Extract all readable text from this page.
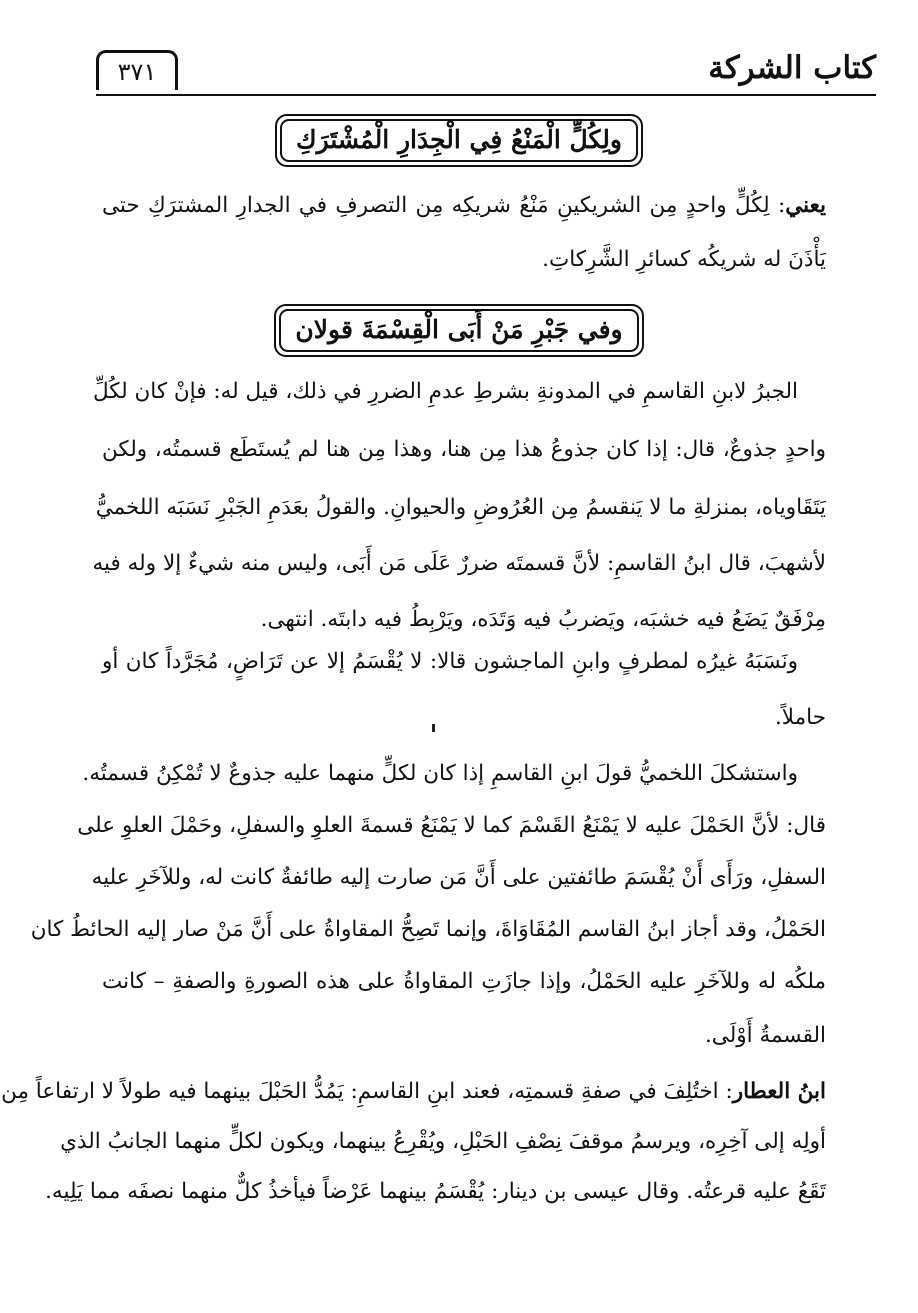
كتاب الشركة
٣٧١
ولِكُلٍّ الْمَنْعُ فِي الْجِدَارِ الْمُشْتَرَكِ
يعني: لِكُلٍّ واحدٍ مِن الشريكينِ مَنْعُ شريكِه مِن التصرفِ في الجدارِ المشترَكِ حتى
يَأْذَنَ له شريكُه كسائرِ الشَّرِكاتِ.
وفي جَبْرِ مَنْ أَبَى الْقِسْمَةَ قولان
الجبرُ لابنِ القاسمِ في المدونةِ بشرطِ عدمِ الضررِ في ذلك، قيل له: فإنْ كان لكُلِّ
واحدٍ جذوعٌ، قال: إذا كان جذوعُ هذا مِن هنا، وهذا مِن هنا لم يُستَطَع قسمتُه، ولكن
يَتَقَاوياه، بمنزلةِ ما لا يَنقسمُ مِن العُرُوضِ والحيوانِ. والقولُ بعَدَمِ الجَبْرِ نَسَبَه اللخميُّ
لأشهبَ، قال ابنُ القاسمِ: لأنَّ قسمتَه ضررٌ عَلَى مَن أَبَى، وليس منه شيءٌ إلا وله فيه
مِرْفَقٌ يَضَعُ فيه خشبَه، ويَضربُ فيه وَتَدَه، ويَرْبِطُ فيه دابتَه. انتهى.
ونَسَبَهُ غيرُه لمطرفٍ وابنِ الماجشون قالا: لا يُقْسَمُ إلا عن تَرَاضٍ، مُجَرَّداً كان أو
حاملاً.
واستشكلَ اللخميُّ قولَ ابنِ القاسمِ إذا كان لكلٍّ منهما عليه جذوعٌ لا تُمْكِنُ قسمتُه.
قال: لأنَّ الحَمْلَ عليه لا يَمْنَعُ القَسْمَ كما لا يَمْنَعُ قسمةَ العلوِ والسفلِ، وحَمْلَ العلوِ على
السفلِ، ورَأَى أَنْ يُقْسَمَ طائفتين على أَنَّ مَن صارت إليه طائفةٌ كانت له، وللآخَرِ عليه
الحَمْلُ، وقد أجاز ابنُ القاسم المُقَاوَاةَ، وإنما تَصِحُّ المقاواةُ على أَنَّ مَنْ صار إليه الحائطُ كان
ملكُه له وللآخَرِ عليه الحَمْلُ، وإذا جازَتِ المقاواةُ على هذه الصورةِ والصفةِ – كانت
القسمةُ أَوْلَى.
ابنُ العطار: اختُلِفَ في صفةِ قسمتِه، فعند ابنِ القاسمِ: يَمُدُّ الحَبْلَ بينهما فيه طولاً لا ارتفاعاً مِن
أولِه إلى آخِرِه، ويرسمُ موقفَ نِصْفِ الحَبْلِ، ويُقْرِعُ بينهما، ويكون لكلٍّ منهما الجانبُ الذي
تَقَعُ عليه قرعتُه. وقال عيسى بن دينار: يُقْسَمُ بينهما عَرْضاً فيأخذُ كلٌّ منهما نصفَه مما يَلِيه.
